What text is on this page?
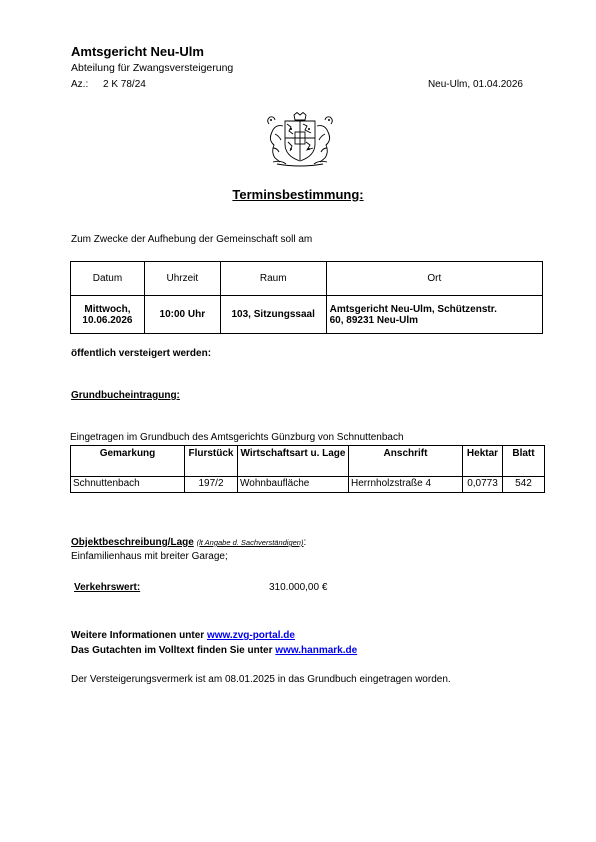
Amtsgericht Neu-Ulm
Abteilung für Zwangsversteigerung
Az.: 2 K 78/24	Neu-Ulm, 01.04.2026
Terminsbestimmung:
Zum Zwecke der Aufhebung der Gemeinschaft soll am
Datum	Uhrzeit	Raum	Ort
Mittwoch,
10.06.2026	10:00 Uhr	103, Sitzungssaal	Amtsgericht Neu-Ulm, Schützenstr.
60, 89231 Neu-Ulm
öffentlich versteigert werden:
Grundbucheintragung:
Eingetragen im Grundbuch des Amtsgerichts Günzburg von Schnuttenbach
Gemarkung	Flurstück	Wirtschaftsart u. Lage	Anschrift	Hektar	Blatt
Schnuttenbach	197/2	Wohnbaufläche	Herrnholzstraße 4	0,0773	542
Objektbeschreibung/Lage (lt Angabe d. Sachverständigen):
Einfamilienhaus mit breiter Garage;
Verkehrswert:	310.000,00 €
Weitere Informationen unter www.zvg-portal.de
Das Gutachten im Volltext finden Sie unter www.hanmark.de
Der Versteigerungsvermerk ist am 08.01.2025 in das Grundbuch eingetragen worden.
